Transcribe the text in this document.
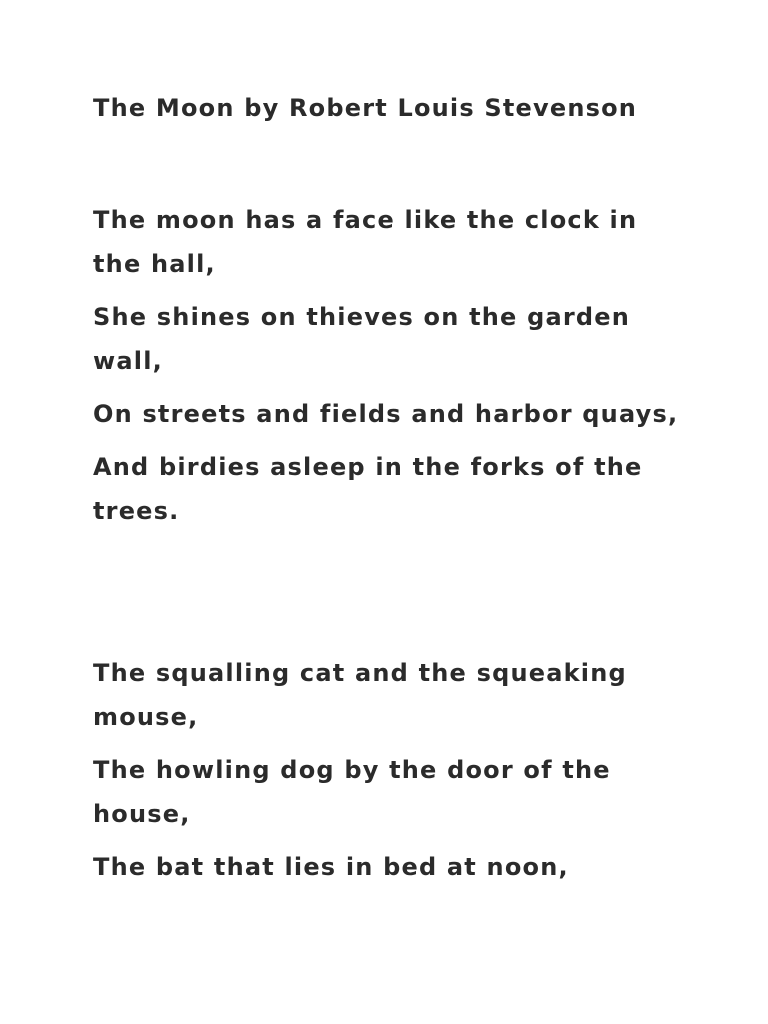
The Moon by Robert Louis Stevenson
The moon has a face like the clock in the hall,
She shines on thieves on the garden wall,
On streets and fields and harbor quays,
And birdies asleep in the forks of the trees.
The squalling cat and the squeaking mouse,
The howling dog by the door of the house,
The bat that lies in bed at noon,
